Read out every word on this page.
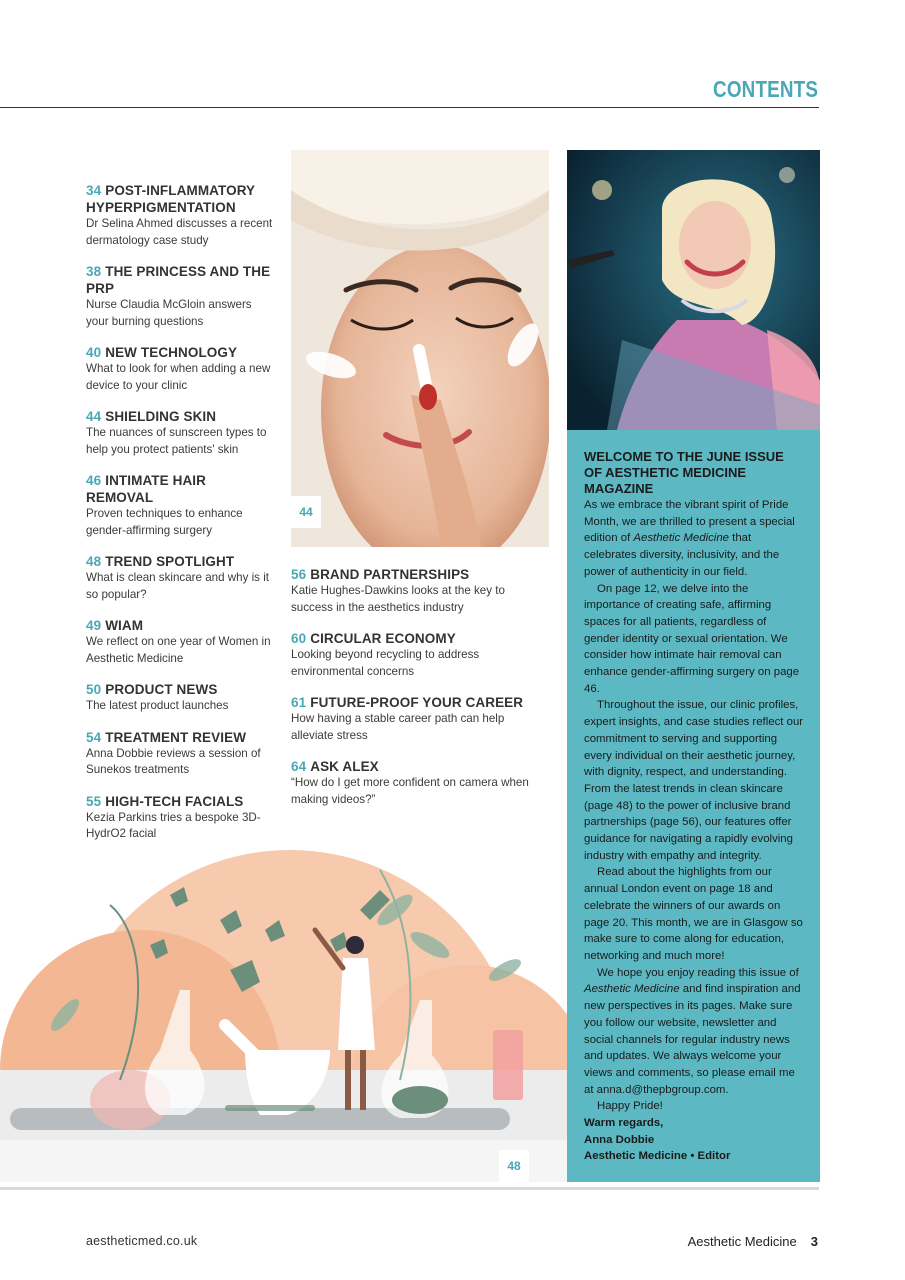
CONTENTS
34 POST-INFLAMMATORY HYPERPIGMENTATION
Dr Selina Ahmed discusses a recent dermatology case study
38 THE PRINCESS AND THE PRP
Nurse Claudia McGloin answers your burning questions
40 NEW TECHNOLOGY
What to look for when adding a new device to your clinic
44 SHIELDING SKIN
The nuances of sunscreen types to help you protect patients' skin
46 INTIMATE HAIR REMOVAL
Proven techniques to enhance gender-affirming surgery
48 TREND SPOTLIGHT
What is clean skincare and why is it so popular?
49 WIAM
We reflect on one year of Women in Aesthetic Medicine
50 PRODUCT NEWS
The latest product launches
54 TREATMENT REVIEW
Anna Dobbie reviews a session of Sunekos treatments
55 HIGH-TECH FACIALS
Kezia Parkins tries a bespoke 3D-HydrO2 facial
44
56 BRAND PARTNERSHIPS
Katie Hughes-Dawkins looks at the key to success in the aesthetics industry
60 CIRCULAR ECONOMY
Looking beyond recycling to address environmental concerns
61 FUTURE-PROOF YOUR CAREER
How having a stable career path can help alleviate stress
64 ASK ALEX
“How do I get more confident on camera when making videos?”
WELCOME TO THE JUNE ISSUE OF AESTHETIC MEDICINE MAGAZINE

As we embrace the vibrant spirit of Pride Month, we are thrilled to present a special edition of Aesthetic Medicine that celebrates diversity, inclusivity, and the power of authenticity in our field.

On page 12, we delve into the importance of creating safe, affirming spaces for all patients, regardless of gender identity or sexual orientation. We consider how intimate hair removal can enhance gender-affirming surgery on page 46.

Throughout the issue, our clinic profiles, expert insights, and case studies reflect our commitment to serving and supporting every individual on their aesthetic journey, with dignity, respect, and understanding. From the latest trends in clean skincare (page 48) to the power of inclusive brand partnerships (page 56), our features offer guidance for navigating a rapidly evolving industry with empathy and integrity.

Read about the highlights from our annual London event on page 18 and celebrate the winners of our awards on page 20. This month, we are in Glasgow so make sure to come along for education, networking and much more!

We hope you enjoy reading this issue of Aesthetic Medicine and find inspiration and new perspectives in its pages. Make sure you follow our website, newsletter and social channels for regular industry news and updates. We always welcome your views and comments, so please email me at anna.d@thepbgroup.com.

Happy Pride!

Warm regards,
Anna Dobbie
Aesthetic Medicine • Editor
48
aestheticmed.co.uk	Aesthetic Medicine 3
